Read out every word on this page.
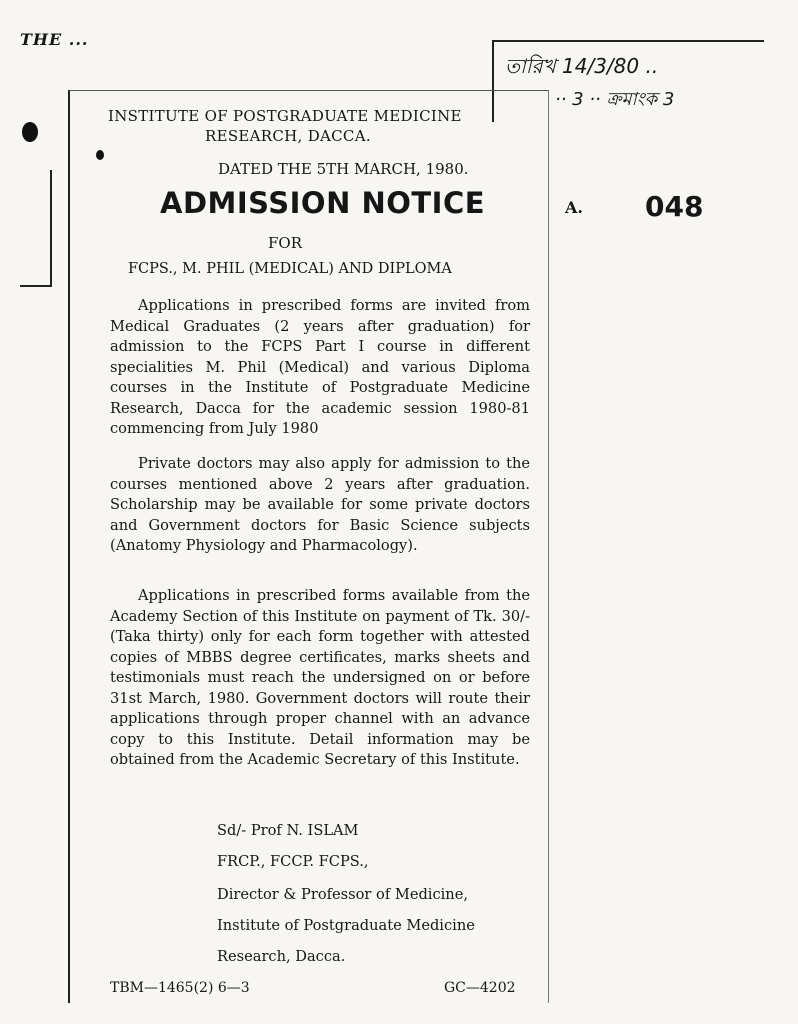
THE ...
তারিখ 14/3/80 ..
·· 3 ·· ক্রমাংক 3
A. 048
INSTITUTE OF POSTGRADUATE MEDICINE
RESEARCH, DACCA.
DATED THE 5TH MARCH, 1980.
ADMISSION NOTICE
FOR
FCPS., M. PHIL (MEDICAL) AND DIPLOMA
Applications in prescribed forms are invited from Medical Graduates (2 years after graduation) for admission to the FCPS Part I course in different specialities M. Phil (Medical) and various Diploma courses in the Institute of Postgraduate Medicine Research, Dacca for the academic session 1980-81 commencing from July 1980
Private doctors may also apply for admission to the courses mentioned above 2 years after graduation. Scholarship may be available for some private doctors and Government doctors for Basic Science subjects (Anatomy Physiology and Pharmacology).
Applications in prescribed forms available from the Academy Section of this Institute on payment of Tk. 30/- (Taka thirty) only for each form together with attested copies of MBBS degree certificates, marks sheets and testimonials must reach the undersigned on or before 31st March, 1980. Government doctors will route their applications through proper channel with an advance copy to this Institute. Detail information may be obtained from the Academic Secretary of this Institute.
Sd/- Prof N. ISLAM
FRCP., FCCP. FCPS.,
Director & Professor of Medicine,
Institute of Postgraduate Medicine
Research, Dacca.
TBM—1465(2) 6—3	GC—4202
